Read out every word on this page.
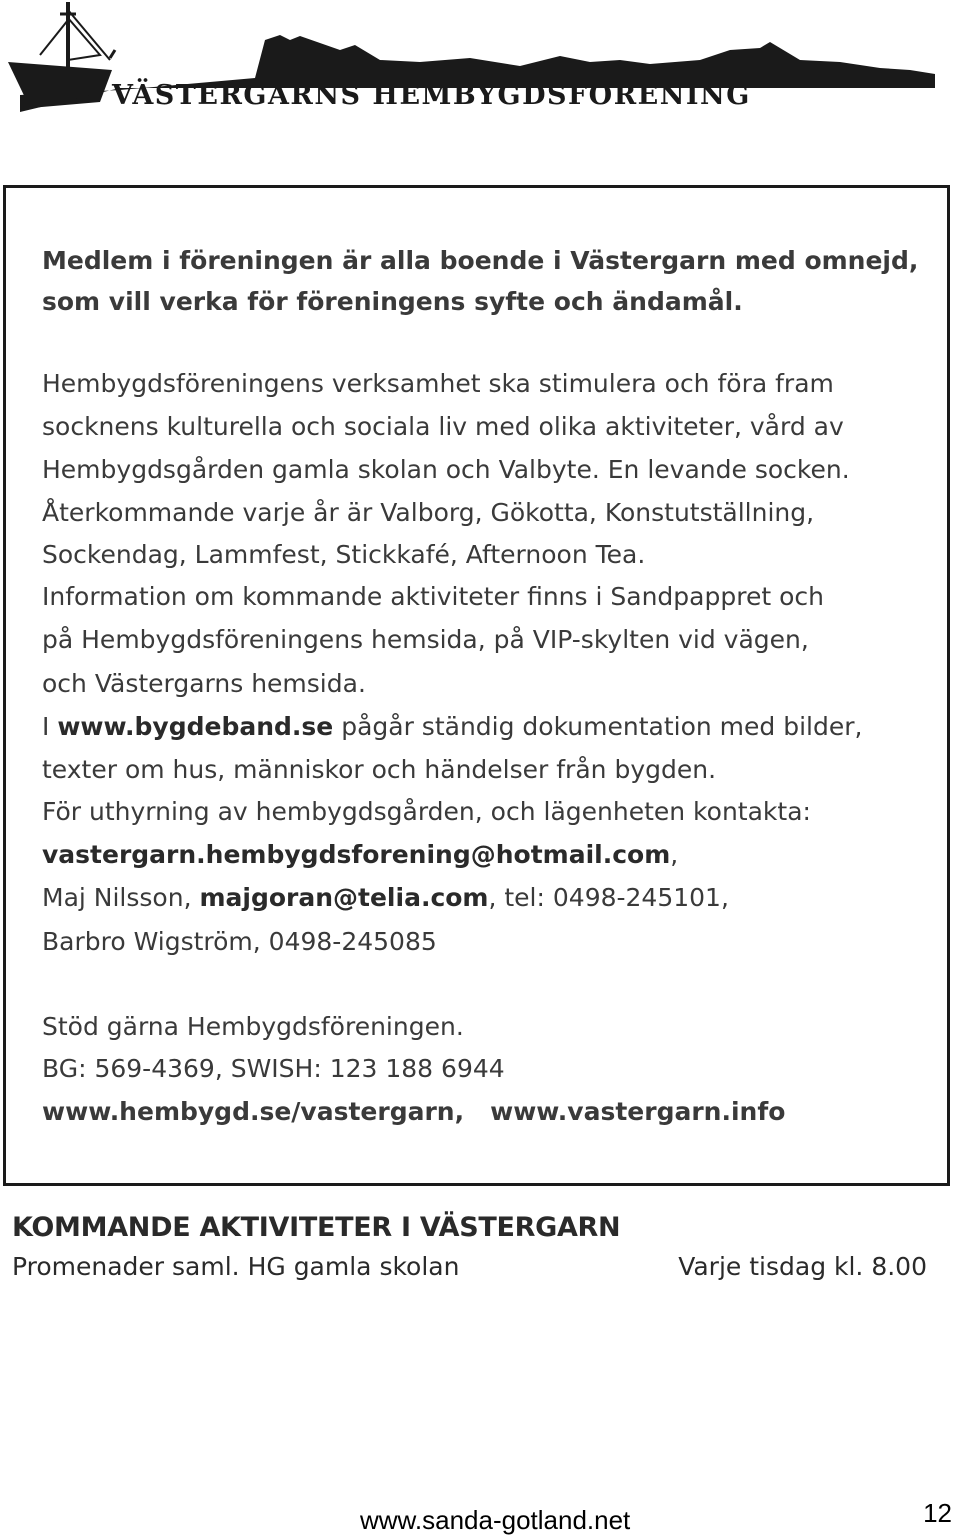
VÄSTERGARNS HEMBYGDSFÖRENING

Medlem i föreningen är alla boende i Västergarn med omnejd,

som vill verka för föreningens syfte och ändamål.

Hembygdsföreningens verksamhet ska stimulera och föra fram

socknens kulturella och sociala liv med olika aktiviteter, vård av

Hembygdsgården gamla skolan och Valbyte. En levande socken.

Återkommande varje år är Valborg, Gökotta, Konstutställning,

Sockendag, Lammfest, Stickkafé, Afternoon Tea.

Information om kommande aktiviteter finns i Sandpappret och

på Hembygdsföreningens hemsida, på VIP-skylten vid vägen,

och Västergarns hemsida.

I www.bygdeband.se pågår ständig dokumentation med bilder,

texter om hus, människor och händelser från bygden.

För uthyrning av hembygdsgården, och lägenheten kontakta:

vastergarn.hembygdsforening@hotmail.com,

Maj Nilsson, majgoran@telia.com, tel: 0498-245101,

Barbro Wigström, 0498-245085

Stöd gärna Hembygdsföreningen.

BG: 569-4369, SWISH: 123 188 6944

www.hembygd.se/vastergarn, www.vastergarn.info

KOMMANDE AKTIVITETER I VÄSTERGARN
Promenader saml. HG gamla skolan	Varje tisdag kl. 8.00
www.sanda-gotland.net	12
